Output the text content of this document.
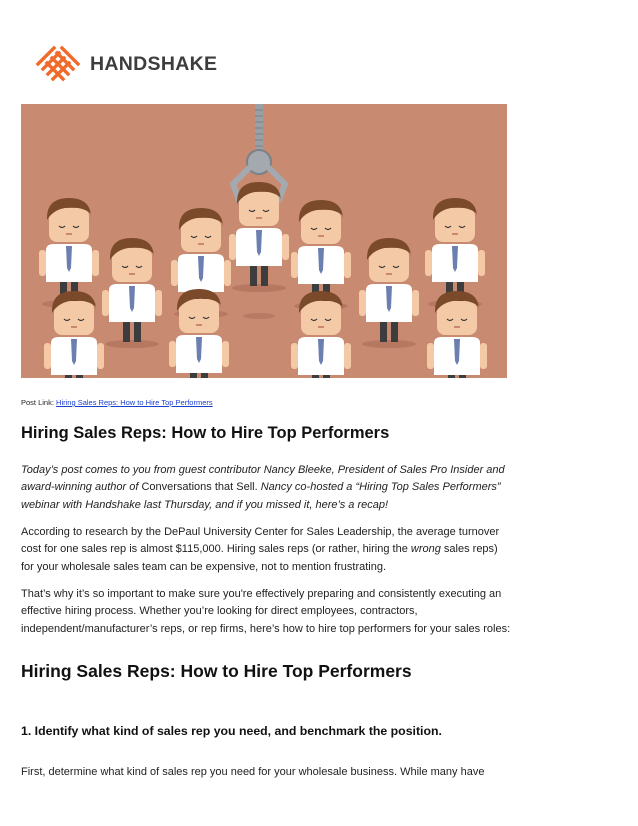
HANDSHAKE
Post Link: Hiring Sales Reps: How to Hire Top Performers
Hiring Sales Reps: How to Hire Top Performers

Today’s post comes to you from guest contributor Nancy Bleeke, President of Sales Pro Insider and award-winning author of Conversations that Sell. Nancy co-hosted a “Hiring Top Sales Performers” webinar with Handshake last Thursday, and if you missed it, here’s a recap!

According to research by the DePaul University Center for Sales Leadership, the average turnover cost for one sales rep is almost $115,000. Hiring sales reps (or rather, hiring the wrong sales reps) for your wholesale sales team can be expensive, not to mention frustrating.

That’s why it’s so important to make sure you're effectively preparing and consistently executing an effective hiring process. Whether you’re looking for direct employees, contractors, independent/manufacturer’s reps, or rep firms, here’s how to hire top performers for your sales roles:

Hiring Sales Reps: How to Hire Top Performers
1. Identify what kind of sales rep you need, and benchmark the position.

First, determine what kind of sales rep you need for your wholesale business. While many have
